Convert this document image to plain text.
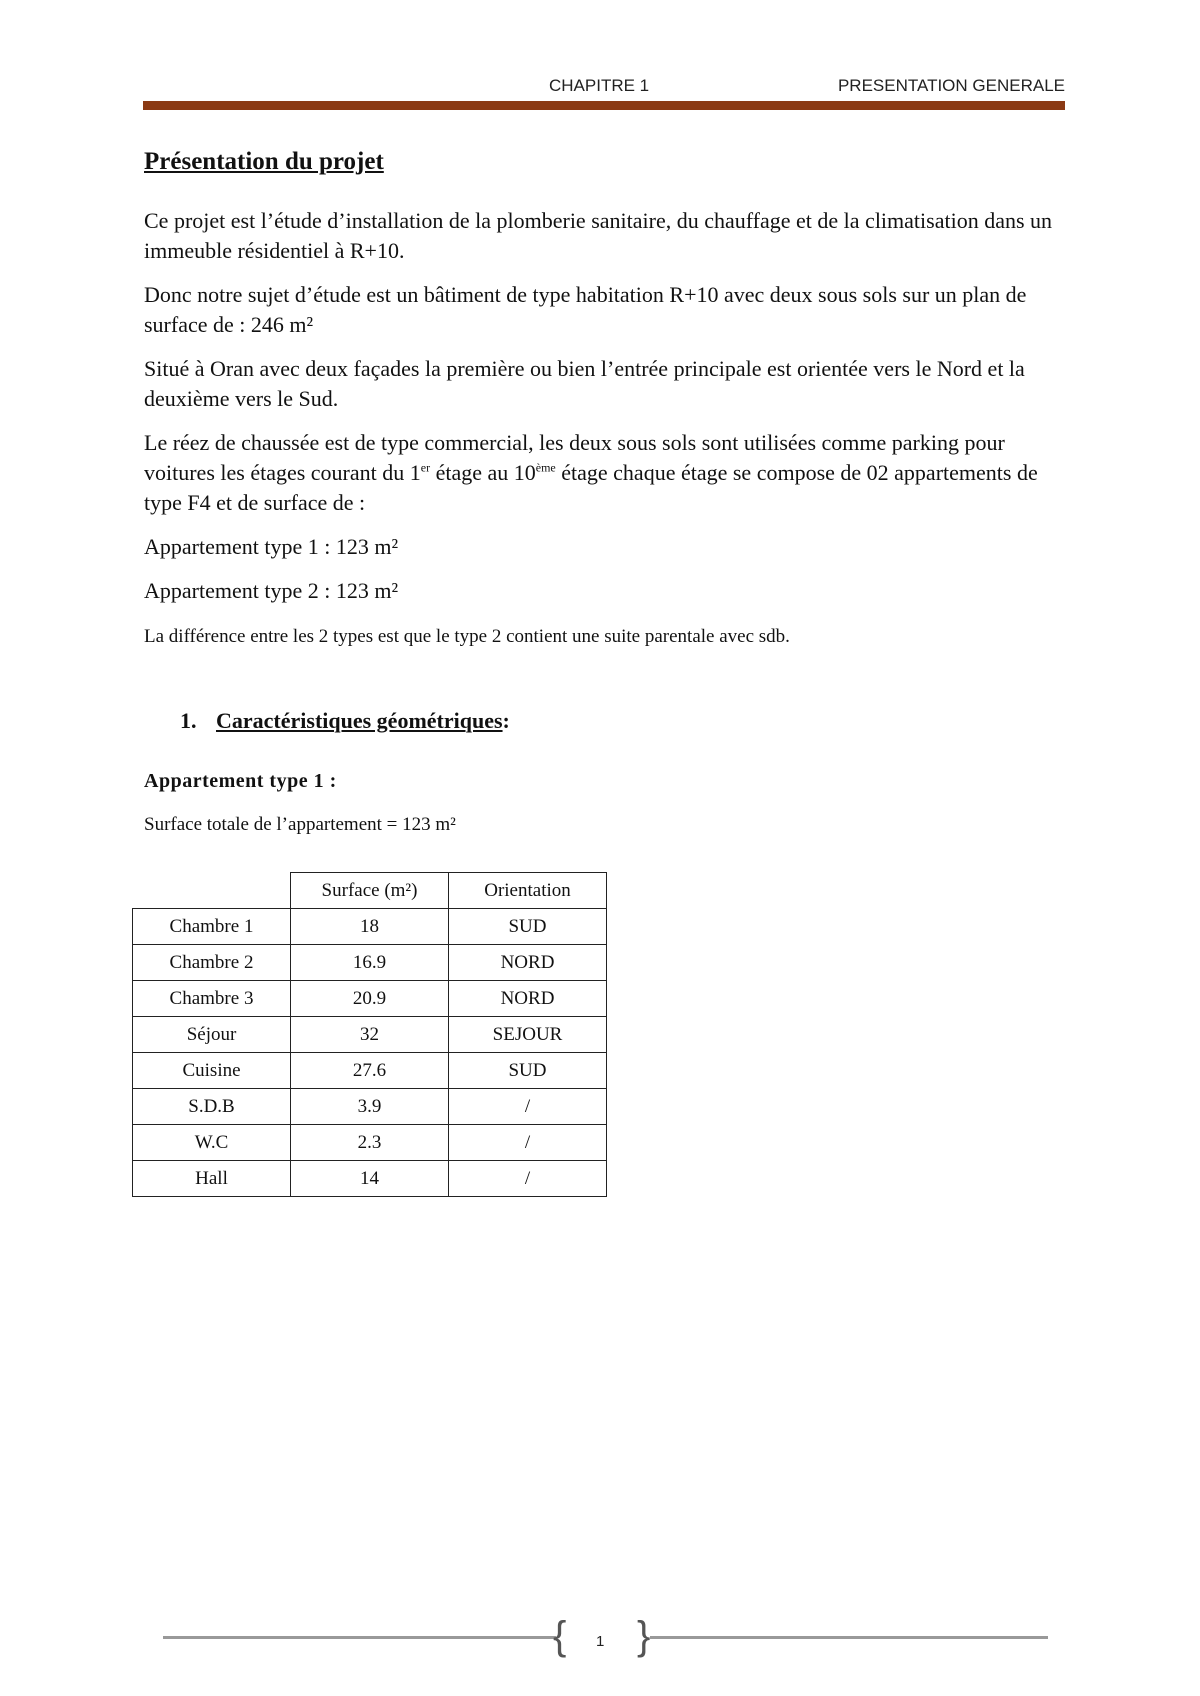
CHAPITRE 1	PRESENTATION GENERALE
Présentation du projet

Ce projet est l’étude d’installation de la plomberie sanitaire, du chauffage et de la climatisation dans un immeuble résidentiel à R+10.

Donc notre sujet d’étude est un bâtiment de type habitation R+10 avec deux sous sols sur un plan de surface de : 246 m²

Situé à Oran avec deux façades la première ou bien l’entrée principale est orientée vers le Nord et la deuxième vers le Sud.

Le réez de chaussée est de type commercial, les deux sous sols sont utilisées comme parking pour voitures les étages courant du 1er étage au 10ème étage chaque étage se compose de 02 appartements de type F4 et de surface de :

Appartement type 1 : 123 m²

Appartement type 2 : 123 m²

La différence entre les 2 types est que le type 2 contient une suite parentale avec sdb.

1. Caractéristiques géométriques:

Appartement type 1 :

Surface totale de l’appartement = 123 m²

	Surface (m²)	Orientation
Chambre 1	18	SUD
Chambre 2	16.9	NORD
Chambre 3	20.9	NORD
Séjour	32	SEJOUR
Cuisine	27.6	SUD
S.D.B	3.9	/
W.C	2.3	/
Hall	14	/
{ 1 }
